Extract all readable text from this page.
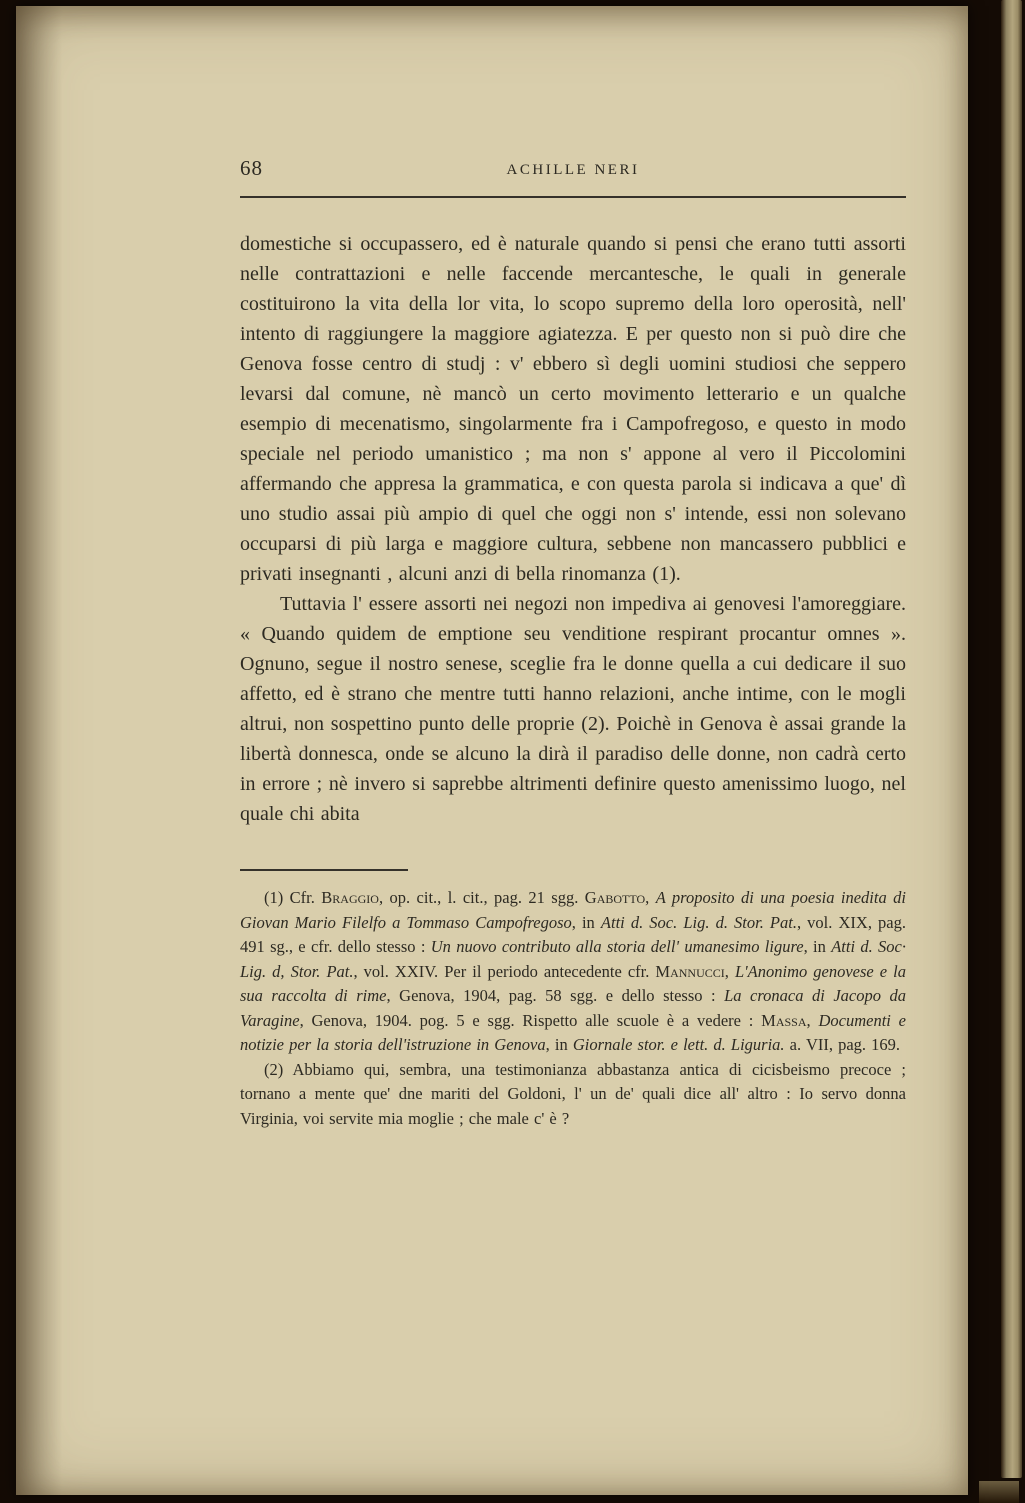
68	ACHILLE NERI

domestiche si occupassero, ed è naturale quando si pensi che erano tutti assorti nelle contrattazioni e nelle faccende mercantesche, le quali in generale costituirono la vita della lor vita, lo scopo supremo della loro operosità, nell' intento di raggiungere la maggiore agiatezza. E per questo non si può dire che Genova fosse centro di studj : v' ebbero sì degli uomini studiosi che seppero levarsi dal comune, nè mancò un certo movimento letterario e un qualche esempio di mecenatismo, singolarmente fra i Campofregoso, e questo in modo speciale nel periodo umanistico ; ma non s' appone al vero il Piccolomini affermando che appresa la grammatica, e con questa parola si indicava a que' dì uno studio assai più ampio di quel che oggi non s' intende, essi non solevano occuparsi di più larga e maggiore cultura, sebbene non mancassero pubblici e privati insegnanti , alcuni anzi di bella rinomanza (1).

Tuttavia l' essere assorti nei negozi non impediva ai genovesi l'amoreggiare. « Quando quidem de emptione seu venditione respirant procantur omnes ». Ognuno, segue il nostro senese, sceglie fra le donne quella a cui dedicare il suo affetto, ed è strano che mentre tutti hanno relazioni, anche intime, con le mogli altrui, non sospettino punto delle proprie (2). Poichè in Genova è assai grande la libertà donnesca, onde se alcuno la dirà il paradiso delle donne, non cadrà certo in errore ; nè invero si saprebbe altrimenti definire questo amenissimo luogo, nel quale chi abita

(1) Cfr. Braggio, op. cit., l. cit., pag. 21 sgg. Gabotto, A proposito di una poesia inedita di Giovan Mario Filelfo a Tommaso Campofregoso, in Atti d. Soc. Lig. d. Stor. Pat., vol. XIX, pag. 491 sg., e cfr. dello stesso : Un nuovo contributo alla storia dell' umanesimo ligure, in Atti d. Soc· Lig. d, Stor. Pat., vol. XXIV. Per il periodo antecedente cfr. Mannucci, L'Anonimo genovese e la sua raccolta di rime, Genova, 1904, pag. 58 sgg. e dello stesso : La cronaca di Jacopo da Varagine, Genova, 1904. pog. 5 e sgg. Rispetto alle scuole è a vedere : Massa, Documenti e notizie per la storia dell'istruzione in Genova, in Giornale stor. e lett. d. Liguria. a. VII, pag. 169.

(2) Abbiamo qui, sembra, una testimonianza abbastanza antica di cicisbeismo precoce ; tornano a mente que' dne mariti del Goldoni, l' un de' quali dice all' altro : Io servo donna Virginia, voi servite mia moglie ; che male c' è ?
